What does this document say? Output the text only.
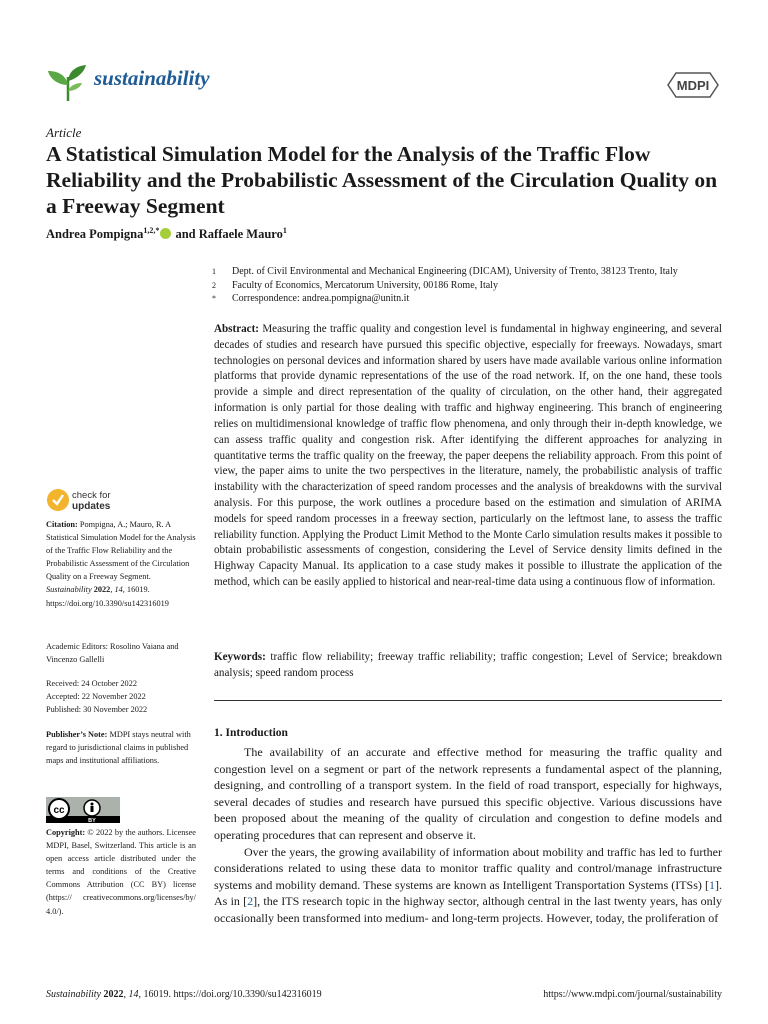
sustainability	MDPI
Article
A Statistical Simulation Model for the Analysis of the Traffic Flow Reliability and the Probabilistic Assessment of the Circulation Quality on a Freeway Segment
Andrea Pompigna$^{1,2,*}$ and Raffaele Mauro$^1$
1	Dept. of Civil Environmental and Mechanical Engineering (DICAM), University of Trento, 38123 Trento, Italy
2	Faculty of Economics, Mercatorum University, 00186 Rome, Italy
*	Correspondence: andrea.pompigna@unitn.it
Abstract: Measuring the traffic quality and congestion level is fundamental in highway engineering, and several decades of studies and research have pursued this specific objective, especially for freeways. Nowadays, smart technologies on personal devices and information shared by users have made available various online information platforms that provide dynamic representations of the use of the road network. If, on the one hand, these tools provide a simple and direct representation of the quality of circulation, on the other hand, their aggregated information is only partial for those dealing with traffic and highway engineering. This branch of engineering relies on multidimensional knowledge of traffic flow phenomena, and only through their in-depth knowledge, we can assess traffic quality and congestion risk. After identifying the different approaches for analyzing in quantitative terms the traffic quality on the freeway, the paper deepens the reliability approach. From this point of view, the paper aims to unite the two perspectives in the literature, namely, the probabilistic analysis of traffic instability with the characterization of speed random processes and the analysis of breakdowns with the survival analysis. For this purpose, the work outlines a procedure based on the estimation and simulation of ARIMA models for speed random processes in a freeway section, particularly on the leftmost lane, to assess the traffic reliability function. Applying the Product Limit Method to the Monte Carlo simulation results makes it possible to obtain probabilistic assessments of congestion, considering the Level of Service density limits defined in the Highway Capacity Manual. Its application to a case study makes it possible to illustrate the application of the method, which can be easily applied to historical and near-real-time data using a continuous flow of information.
Keywords: traffic flow reliability; freeway traffic reliability; traffic congestion; Level of Service; breakdown analysis; speed random process
1. Introduction

The availability of an accurate and effective method for measuring the traffic quality and congestion level on a segment or part of the network represents a fundamental aspect of the planning, designing, and controlling of a transport system. In the field of road transport, especially for highways, several decades of studies and research have pursued this specific objective. Various discussions have been proposed about the meaning of the quality of circulation and congestion to define models and operating procedures that can represent and observe it.

Over the years, the growing availability of information about mobility and traffic has led to further considerations related to using these data to monitor traffic quality and control/manage infrastructure systems and mobility demand. These systems are known as Intelligent Transportation Systems (ITSs) [1]. As in [2], the ITS research topic in the highway sector, although central in the last twenty years, has only occasionally been transformed into medium- and long-term projects. However, today, the proliferation of

check for
updates
Citation: Pompigna, A.; Mauro, R. A Statistical Simulation Model for the Analysis of the Traffic Flow Reliability and the Probabilistic Assessment of the Circulation Quality on a Freeway Segment. Sustainability 2022, 14, 16019. https://doi.org/10.3390/su142316019
Academic Editors: Rosolino Vaiana and Vincenzo Gallelli
Received: 24 October 2022
Accepted: 22 November 2022
Published: 30 November 2022
Publisher’s Note: MDPI stays neutral with regard to jurisdictional claims in published maps and institutional affiliations.
cc
BY
Copyright: © 2022 by the authors. Licensee MDPI, Basel, Switzerland. This article is an open access article distributed under the terms and conditions of the Creative Commons Attribution (CC BY) license (https:// creativecommons.org/licenses/by/ 4.0/).
Sustainability 2022, 14, 16019. https://doi.org/10.3390/su142316019	https://www.mdpi.com/journal/sustainability
